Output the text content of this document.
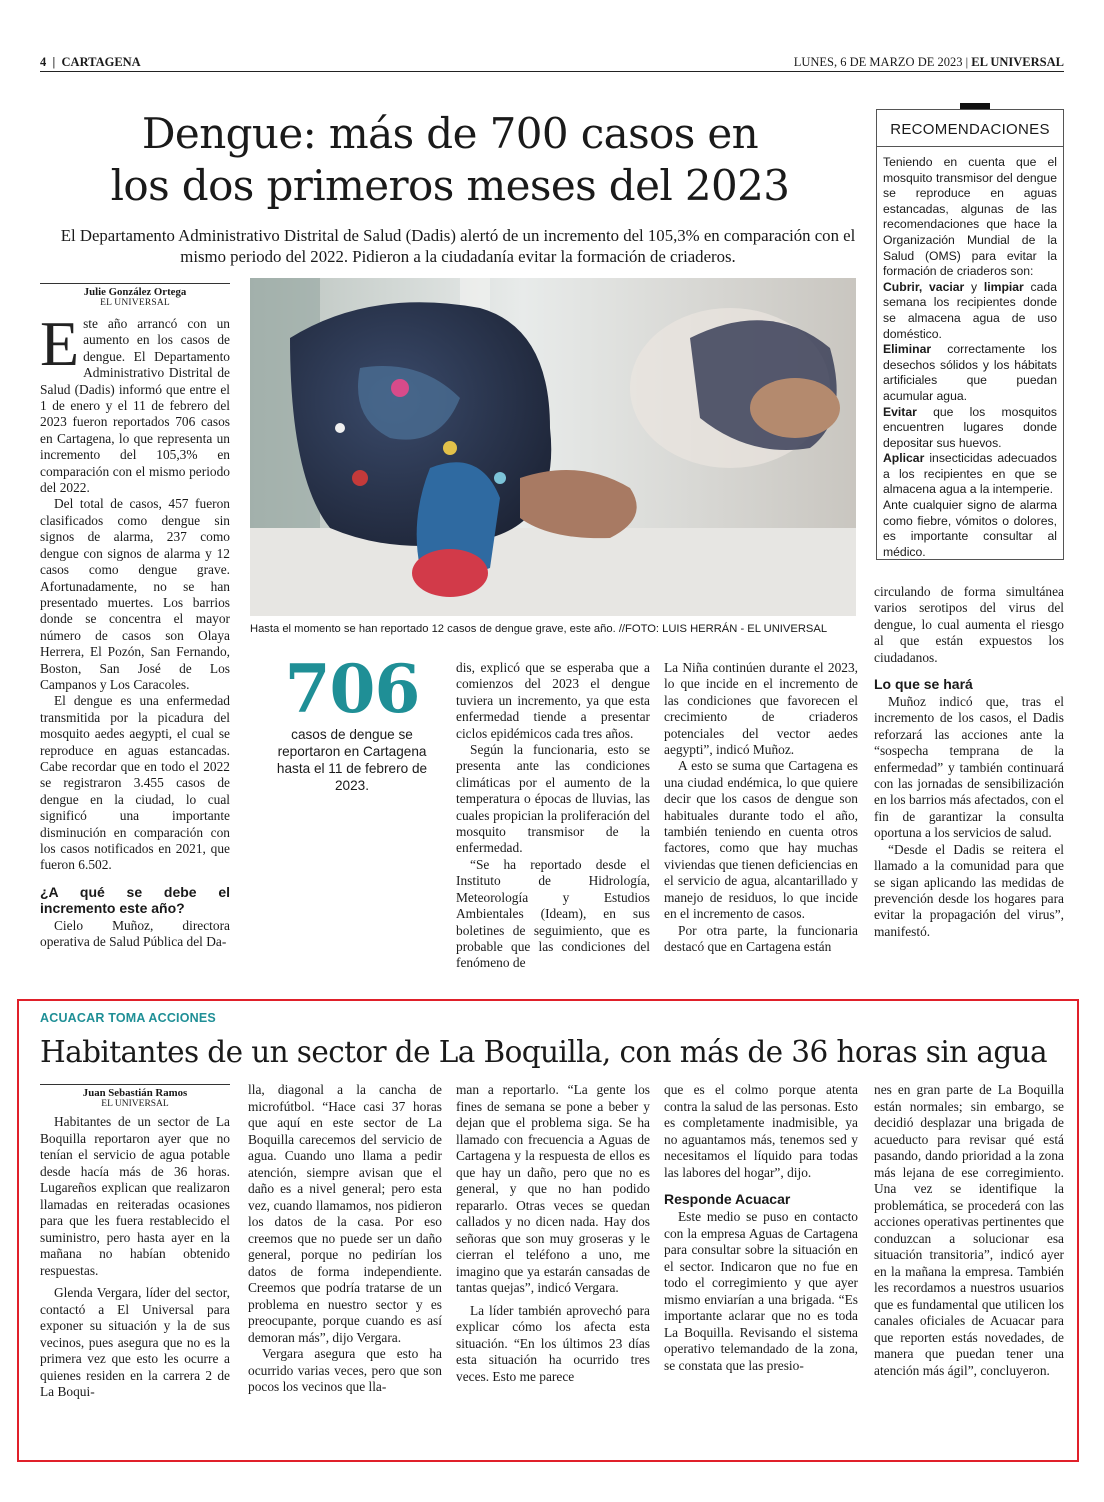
4  |  CARTAGENA	LUNES, 6 DE MARZO DE 2023 | EL UNIVERSAL
Dengue: más de 700 casos en
los dos primeros meses del 2023
El Departamento Administrativo Distrital de Salud (Dadis) alertó de un incremento del 105,3% en comparación con el mismo periodo del 2022. Pidieron a la ciudadanía evitar la formación de criaderos.
RECOMENDACIONES

Teniendo en cuenta que el mosquito transmisor del dengue se reproduce en aguas estancadas, algunas de las recomendaciones que hace la Organización Mundial de la Salud (OMS) para evitar la formación de criaderos son:

Cubrir, vaciar y limpiar cada semana los recipientes donde se almacena agua de uso doméstico.

Eliminar correctamente los desechos sólidos y los hábitats artificiales que puedan acumular agua.

Evitar que los mosquitos encuentren lugares donde depositar sus huevos.

Aplicar insecticidas adecuados a los recipientes en que se almacena agua a la intemperie.

Ante cualquier signo de alarma como fiebre, vómitos o dolores, es importante consultar al médico.

Julie González Ortega
EL UNIVERSAL

Este año arrancó con un aumento en los casos de dengue. El Departamento Administrativo Distrital de Salud (Dadis) informó que entre el 1 de enero y el 11 de febrero del 2023 fueron reportados 706 casos en Cartagena, lo que representa un incremento del 105,3% en comparación con el mismo periodo del 2022.

Del total de casos, 457 fueron clasificados como dengue sin signos de alarma, 237 como dengue con signos de alarma y 12 casos como dengue grave. Afortunadamente, no se han presentado muertes. Los barrios donde se concentra el mayor número de casos son Olaya Herrera, El Pozón, San Fernando, Boston, San José de Los Campanos y Los Caracoles.

El dengue es una enfermedad transmitida por la picadura del mosquito aedes aegypti, el cual se reproduce en aguas estancadas. Cabe recordar que en todo el 2022 se registraron 3.455 casos de dengue en la ciudad, lo cual significó una importante disminución en comparación con los casos notificados en 2021, que fueron 6.502.

¿A qué se debe el incremento este año?

Cielo Muñoz, directora operativa de Salud Pública del Da-

Hasta el momento se han reportado 12 casos de dengue grave, este año. //FOTO: LUIS HERRÁN - EL UNIVERSAL
706
casos de dengue se reportaron en Cartagena hasta el 11 de febrero de 2023.

dis, explicó que se esperaba que a comienzos del 2023 el dengue tuviera un incremento, ya que esta enfermedad tiende a presentar ciclos epidémicos cada tres años.

Según la funcionaria, esto se presenta ante las condiciones climáticas por el aumento de la temperatura o épocas de lluvias, las cuales propician la proliferación del mosquito transmisor de la enfermedad.

“Se ha reportado desde el Instituto de Hidrología, Meteorología y Estudios Ambientales (Ideam), en sus boletines de seguimiento, que es probable que las condiciones del fenómeno de

La Niña continúen durante el 2023, lo que incide en el incremento de las condiciones que favorecen el crecimiento de criaderos potenciales del vector aedes aegypti”, indicó Muñoz.

A esto se suma que Cartagena es una ciudad endémica, lo que quiere decir que los casos de dengue son habituales durante todo el año, también teniendo en cuenta otros factores, como que hay muchas viviendas que tienen deficiencias en el servicio de agua, alcantarillado y manejo de residuos, lo que incide en el incremento de casos.

Por otra parte, la funcionaria destacó que en Cartagena están

circulando de forma simultánea varios serotipos del virus del dengue, lo cual aumenta el riesgo al que están expuestos los ciudadanos.

Lo que se hará

Muñoz indicó que, tras el incremento de los casos, el Dadis reforzará las acciones ante la “sospecha temprana de la enfermedad” y también continuará con las jornadas de sensibilización en los barrios más afectados, con el fin de garantizar la consulta oportuna a los servicios de salud.

“Desde el Dadis se reitera el llamado a la comunidad para que se sigan aplicando las medidas de prevención desde los hogares para evitar la propagación del virus”, manifestó.

ACUACAR TOMA ACCIONES
Habitantes de un sector de La Boquilla, con más de 36 horas sin agua
Juan Sebastián Ramos
EL UNIVERSAL

Habitantes de un sector de La Boquilla reportaron ayer que no tenían el servicio de agua potable desde hacía más de 36 horas. Lugareños explican que realizaron llamadas en reiteradas ocasiones para que les fuera restablecido el suministro, pero hasta ayer en la mañana no habían obtenido respuestas.

Glenda Vergara, líder del sector, contactó a El Universal para exponer su situación y la de sus vecinos, pues asegura que no es la primera vez que esto les ocurre a quienes residen en la carrera 2 de La Boqui-

lla, diagonal a la cancha de microfútbol. “Hace casi 37 horas que aquí en este sector de La Boquilla carecemos del servicio de agua. Cuando uno llama a pedir atención, siempre avisan que el daño es a nivel general; pero esta vez, cuando llamamos, nos pidieron los datos de la casa. Por eso creemos que no puede ser un daño general, porque no pedirían los datos de forma independiente. Creemos que podría tratarse de un problema en nuestro sector y es preocupante, porque cuando es así demoran más”, dijo Vergara.

Vergara asegura que esto ha ocurrido varias veces, pero que son pocos los vecinos que lla-

man a reportarlo. “La gente los fines de semana se pone a beber y dejan que el problema siga. Se ha llamado con frecuencia a Aguas de Cartagena y la respuesta de ellos es que hay un daño, pero que no es general, y que no han podido repararlo. Otras veces se quedan callados y no dicen nada. Hay dos señoras que son muy groseras y le cierran el teléfono a uno, me imagino que ya estarán cansadas de tantas quejas”, indicó Vergara.

La líder también aprovechó para explicar cómo los afecta esta situación. “En los últimos 23 días esta situación ha ocurrido tres veces. Esto me parece

que es el colmo porque atenta contra la salud de las personas. Esto es completamente inadmisible, ya no aguantamos más, tenemos sed y necesitamos el líquido para todas las labores del hogar”, dijo.

Responde Acuacar

Este medio se puso en contacto con la empresa Aguas de Cartagena para consultar sobre la situación en el sector. Indicaron que no fue en todo el corregimiento y que ayer mismo enviarían a una brigada. “Es importante aclarar que no es toda La Boquilla. Revisando el sistema operativo telemandado de la zona, se constata que las presio-

nes en gran parte de La Boquilla están normales; sin embargo, se decidió desplazar una brigada de acueducto para revisar qué está pasando, dando prioridad a la zona más lejana de ese corregimiento. Una vez se identifique la problemática, se procederá con las acciones operativas pertinentes que conduzcan a solucionar esa situación transitoria”, indicó ayer en la mañana la empresa. También les recordamos a nuestros usuarios que es fundamental que utilicen los canales oficiales de Acuacar para que reporten estás novedades, de manera que puedan tener una atención más ágil”, concluyeron.
